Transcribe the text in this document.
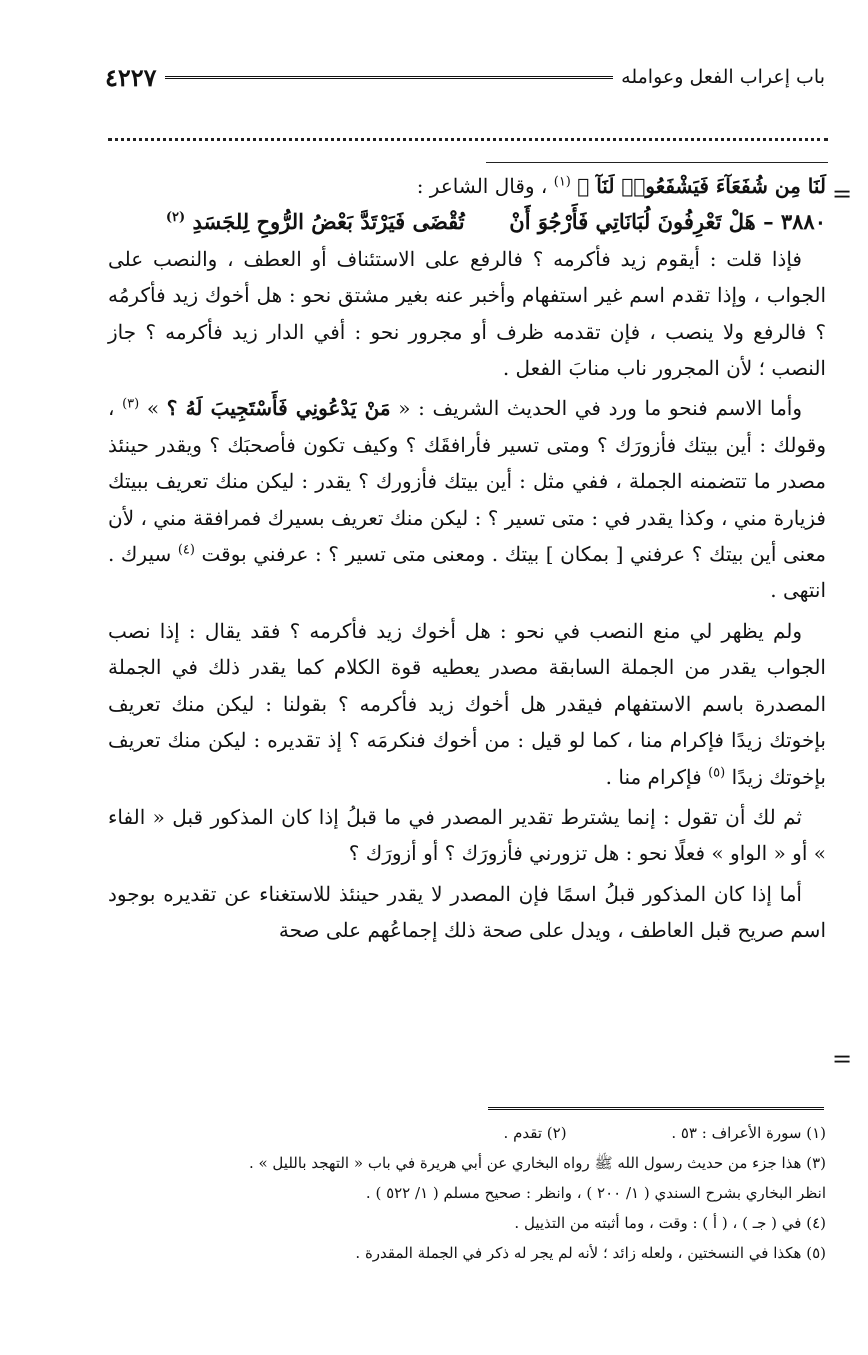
باب إعراب الفعل وعوامله
٤٢٢٧
=

لَنَا مِن شُفَعَآءَ فَيَشْفَعُوا۟ لَنَآ ﴾ $^{(١)}$ ، وقال الشاعر :

٣٨٨٠ – هَلْ تَعْرِفُونَ لُبَانَاتِي فَأَرْجُوَ أَنْ  تُقْضَى فَيَرْتَدَّ بَعْضُ الرُّوحِ لِلجَسَدِ $^{(٢)}$

فإذا قلت : أيقوم زيد فأكرمه ؟ فالرفع على الاستئناف أو العطف ، والنصب على الجواب ، وإذا تقدم اسم غير استفهام وأخبر عنه بغير مشتق نحو : هل أخوك زيد فأكرمُه ؟ فالرفع ولا ينصب ، فإن تقدمه ظرف أو مجرور نحو : أفي الدار زيد فأكرمه ؟ جاز النصب ؛ لأن المجرور ناب منابَ الفعل .

وأما الاسم فنحو ما ورد في الحديث الشريف : « مَنْ يَدْعُونِي فَأَسْتَجِيبَ لَهُ ؟ » $^{(٣)}$ ، وقولك : أين بيتك فأزورَك ؟ ومتى تسير فأرافقَك ؟ وكيف تكون فأصحبَك ؟ ويقدر حينئذ مصدر ما تتضمنه الجملة ، ففي مثل : أين بيتك فأزورك ؟ يقدر : ليكن منك تعريف ببيتك فزيارة مني ، وكذا يقدر في : متى تسير ؟ : ليكن منك تعريف بسيرك فمرافقة مني ، لأن معنى أين بيتك ؟ عرفني [ بمكان ] بيتك . ومعنى متى تسير ؟ : عرفني بوقت $^{(٤)}$ سيرك . انتهى .

ولم يظهر لي منع النصب في نحو : هل أخوك زيد فأكرمه ؟ فقد يقال : إذا نصب الجواب يقدر من الجملة السابقة مصدر يعطيه قوة الكلام كما يقدر ذلك في الجملة المصدرة باسم الاستفهام فيقدر هل أخوك زيد فأكرمه ؟ بقولنا : ليكن منك تعريف بإخوتك زيدًا فإكرام منا ، كما لو قيل : من أخوك فنكرمَه ؟ إذ تقديره : ليكن منك تعريف بإخوتك زيدًا $^{(٥)}$ فإكرام منا .

ثم لك أن تقول : إنما يشترط تقدير المصدر في ما قبلُ إذا كان المذكور قبل « الفاء » أو « الواو » فعلًا نحو : هل تزورني فأزورَك ؟ أو أزورَك ؟

أما إذا كان المذكور قبلُ اسمًا فإن المصدر لا يقدر حينئذ للاستغناء عن تقديره بوجود اسم صريح قبل العاطف ، ويدل على صحة ذلك إجماعُهم على صحة

=
(١) سورة الأعراف : ٥٣ . (٢) تقدم .
(٣) هذا جزء من حديث رسول الله ﷺ رواه البخاري عن أبي هريرة في باب « التهجد بالليل » .
انظر البخاري بشرح السندي ( ١/ ٢٠٠ ) ، وانظر : صحيح مسلم ( ١/ ٥٢٢ ) .
(٤) في ( جـ ) ، ( أ ) : وقت ، وما أثبته من التذييل .
(٥) هكذا في النسختين ، ولعله زائد ؛ لأنه لم يجر له ذكر في الجملة المقدرة .
